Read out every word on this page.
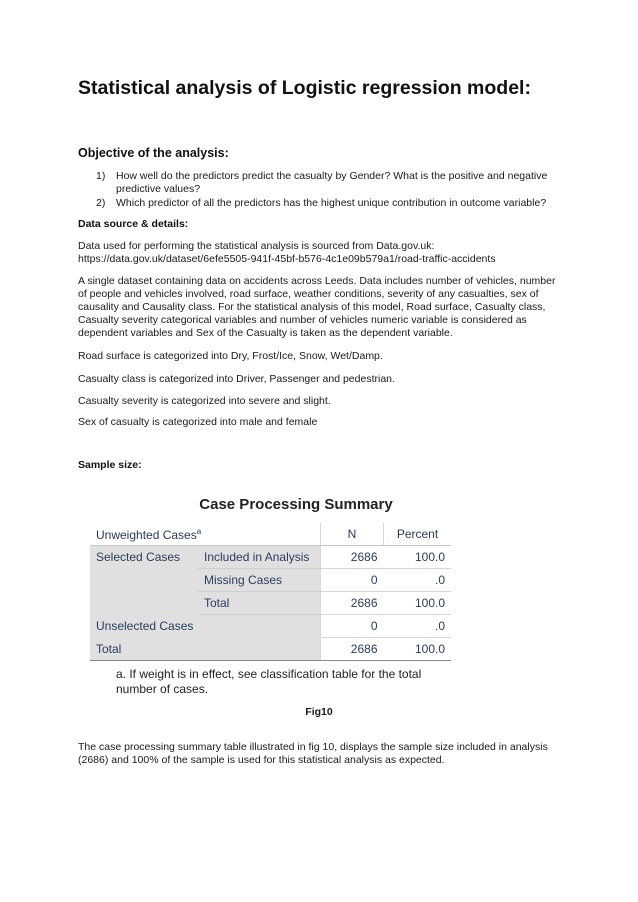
Statistical analysis of Logistic regression model:

Objective of the analysis:

1) How well do the predictors predict the casualty by Gender? What is the positive and negative predictive values?
2) Which predictor of all the predictors has the highest unique contribution in outcome variable?

Data source & details:

Data used for performing the statistical analysis is sourced from Data.gov.uk: https://data.gov.uk/dataset/6efe5505-941f-45bf-b576-4c1e09b579a1/road-traffic-accidents

A single dataset containing data on accidents across Leeds. Data includes number of vehicles, number of people and vehicles involved, road surface, weather conditions, severity of any casualties, sex of causality and Causality class. For the statistical analysis of this model, Road surface, Casualty class, Casualty severity categorical variables and number of vehicles numeric variable is considered as dependent variables and Sex of the Casualty is taken as the dependent variable.

Road surface is categorized into Dry, Frost/Ice, Snow, Wet/Damp.

Casualty class is categorized into Driver, Passenger and pedestrian.

Casualty severity is categorized into severe and slight.

Sex of casualty is categorized into male and female

Sample size:

Case Processing Summary
Unweighted Cases$^a$		N	Percent
Selected Cases	Included in Analysis	2686	100.0
	Missing Cases	0	.0
	Total	2686	100.0
Unselected Cases		0	.0
Total		2686	100.0
a. If weight is in effect, see classification table for the total number of cases.
Fig10

The case processing summary table illustrated in fig 10, displays the sample size included in analysis (2686) and 100% of the sample is used for this statistical analysis as expected.
